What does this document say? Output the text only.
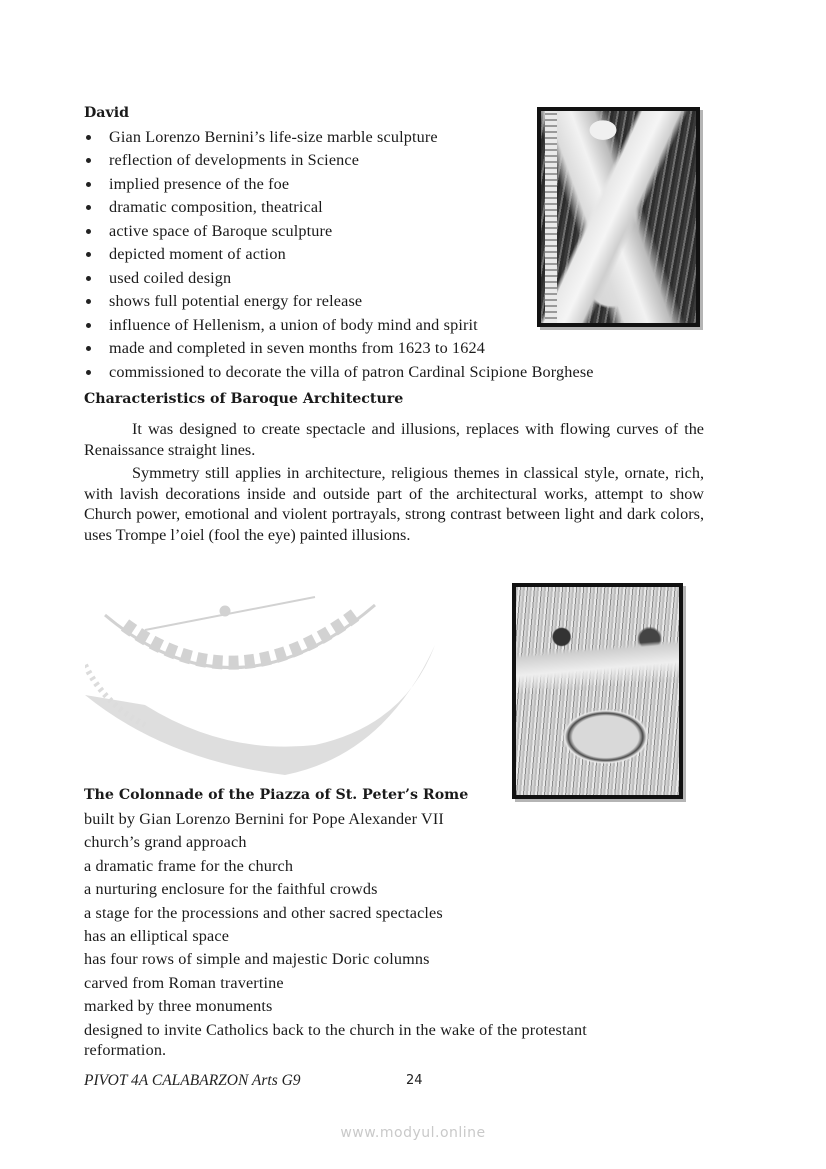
David
Gian Lorenzo Bernini’s life-size marble sculpture
reflection of developments in Science
implied presence of the foe
dramatic composition, theatrical
active space of Baroque sculpture
depicted moment of action
used coiled design
shows full potential energy for release
influence of Hellenism, a union of body mind and spirit
made and completed in seven months from 1623 to 1624
commissioned to decorate the villa of patron Cardinal Scipione Borghese
Characteristics of Baroque Architecture
It was designed to create spectacle and illusions, replaces with flowing curves of the Renaissance straight lines.
Symmetry still applies in architecture, religious themes in classical style, ornate, rich, with lavish decorations inside and outside part of the architectural works, attempt to show Church power, emotional and violent portrayals, strong contrast between light and dark colors, uses Trompe l’oiel (fool the eye) painted illusions.
The Colonnade of the Piazza of St. Peter’s Rome
built by Gian Lorenzo Bernini for Pope Alexander VII
church’s grand approach
a dramatic frame for the church
a nurturing enclosure for the faithful crowds
a stage for the processions and other sacred spectacles
has an elliptical space
has four rows of simple and majestic Doric columns
carved from Roman travertine
marked by three monuments
designed to invite Catholics back to the church in the wake of the protestant
reformation.
PIVOT 4A CALABARZON Arts G9	24
www.modyul.online
